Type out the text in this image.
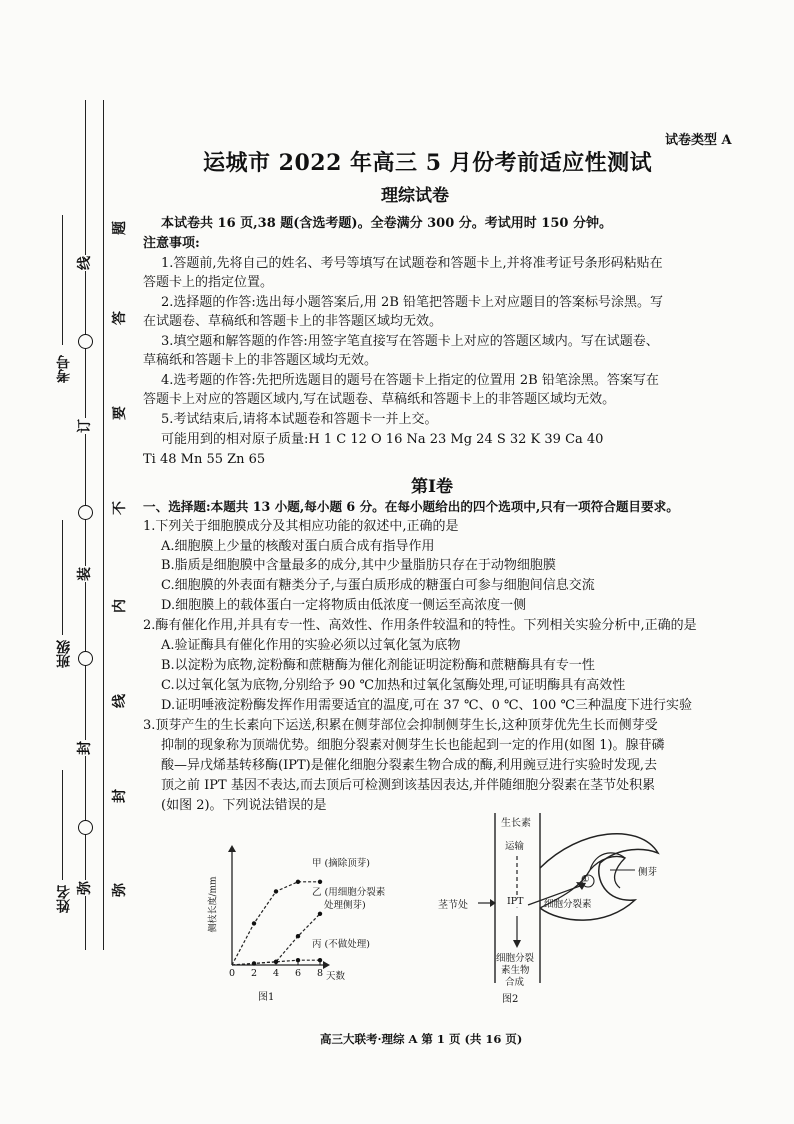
考号
班级
姓名
线
订
装
封
弥
题
答
要
不
内
线
封
弥
试卷类型 A
运城市 2022 年高三 5 月份考前适应性测试
理综试卷
本试卷共 16 页,38 题(含选考题)。全卷满分 300 分。考试用时 150 分钟。
注意事项:
1.答题前,先将自己的姓名、考号等填写在试题卷和答题卡上,并将准考证号条形码粘贴在
答题卡上的指定位置。
2.选择题的作答:选出每小题答案后,用 2B 铅笔把答题卡上对应题目的答案标号涂黑。写
在试题卷、草稿纸和答题卡上的非答题区域均无效。
3.填空题和解答题的作答:用签字笔直接写在答题卡上对应的答题区域内。写在试题卷、
草稿纸和答题卡上的非答题区域均无效。
4.选考题的作答:先把所选题目的题号在答题卡上指定的位置用 2B 铅笔涂黑。答案写在
答题卡上对应的答题区域内,写在试题卷、草稿纸和答题卡上的非答题区域均无效。
5.考试结束后,请将本试题卷和答题卡一并上交。
可能用到的相对原子质量:H 1 C 12 O 16 Na 23 Mg 24 S 32 K 39 Ca 40
Ti 48 Mn 55 Zn 65
第Ⅰ卷
一、选择题:本题共 13 小题,每小题 6 分。在每小题给出的四个选项中,只有一项符合题目要求。
1.下列关于细胞膜成分及其相应功能的叙述中,正确的是
A.细胞膜上少量的核酸对蛋白质合成有指导作用
B.脂质是细胞膜中含量最多的成分,其中少量脂肪只存在于动物细胞膜
C.细胞膜的外表面有糖类分子,与蛋白质形成的糖蛋白可参与细胞间信息交流
D.细胞膜上的载体蛋白一定将物质由低浓度一侧运至高浓度一侧
2.酶有催化作用,并具有专一性、高效性、作用条件较温和的特性。下列相关实验分析中,正确的是
A.验证酶具有催化作用的实验必须以过氧化氢为底物
B.以淀粉为底物,淀粉酶和蔗糖酶为催化剂能证明淀粉酶和蔗糖酶具有专一性
C.以过氧化氢为底物,分别给予 90 ℃加热和过氧化氢酶处理,可证明酶具有高效性
D.证明唾液淀粉酶发挥作用需要适宜的温度,可在 37 ℃、0 ℃、100 ℃三种温度下进行实验
3.顶芽产生的生长素向下运送,积累在侧芽部位会抑制侧芽生长,这种顶芽优先生长而侧芽受
抑制的现象称为顶端优势。细胞分裂素对侧芽生长也能起到一定的作用(如图 1)。腺苷磷
酸—异戊烯基转移酶(IPT)是催化细胞分裂素生物合成的酶,利用豌豆进行实验时发现,去
顶之前 IPT 基因不表达,而去顶后可检测到该基因表达,并伴随细胞分裂素在茎节处积累
(如图 2)。下列说法错误的是
侧枝长度/mm
天数
0 2 4 6 8
甲 (摘除顶芽)
乙 (用细胞分裂素
处理侧芽)
丙 (不做处理)
图1
生长素
运输
茎节处	IPT 细胞分裂素
①
侧芽
细胞分裂
素生物
合成
图2
高三大联考·理综 A 第 1 页 (共 16 页)
